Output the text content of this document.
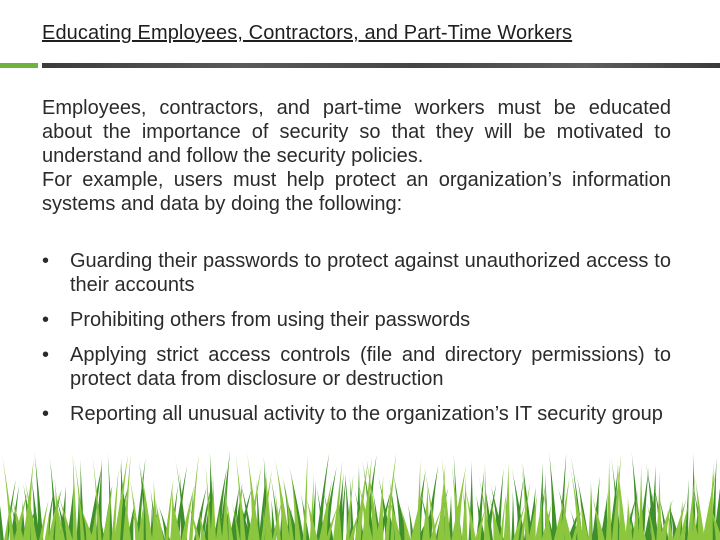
Educating Employees, Contractors, and Part-Time Workers

Employees, contractors, and part-time workers must be educated about the importance of security so that they will be motivated to understand and follow the security policies.

For example, users must help protect an organization’s information systems and data by doing the following:

• Guarding their passwords to protect against unauthorized access to their accounts
• Prohibiting others from using their passwords
• Applying strict access controls (file and directory permissions) to protect data from disclosure or destruction
• Reporting all unusual activity to the organization’s IT security group
